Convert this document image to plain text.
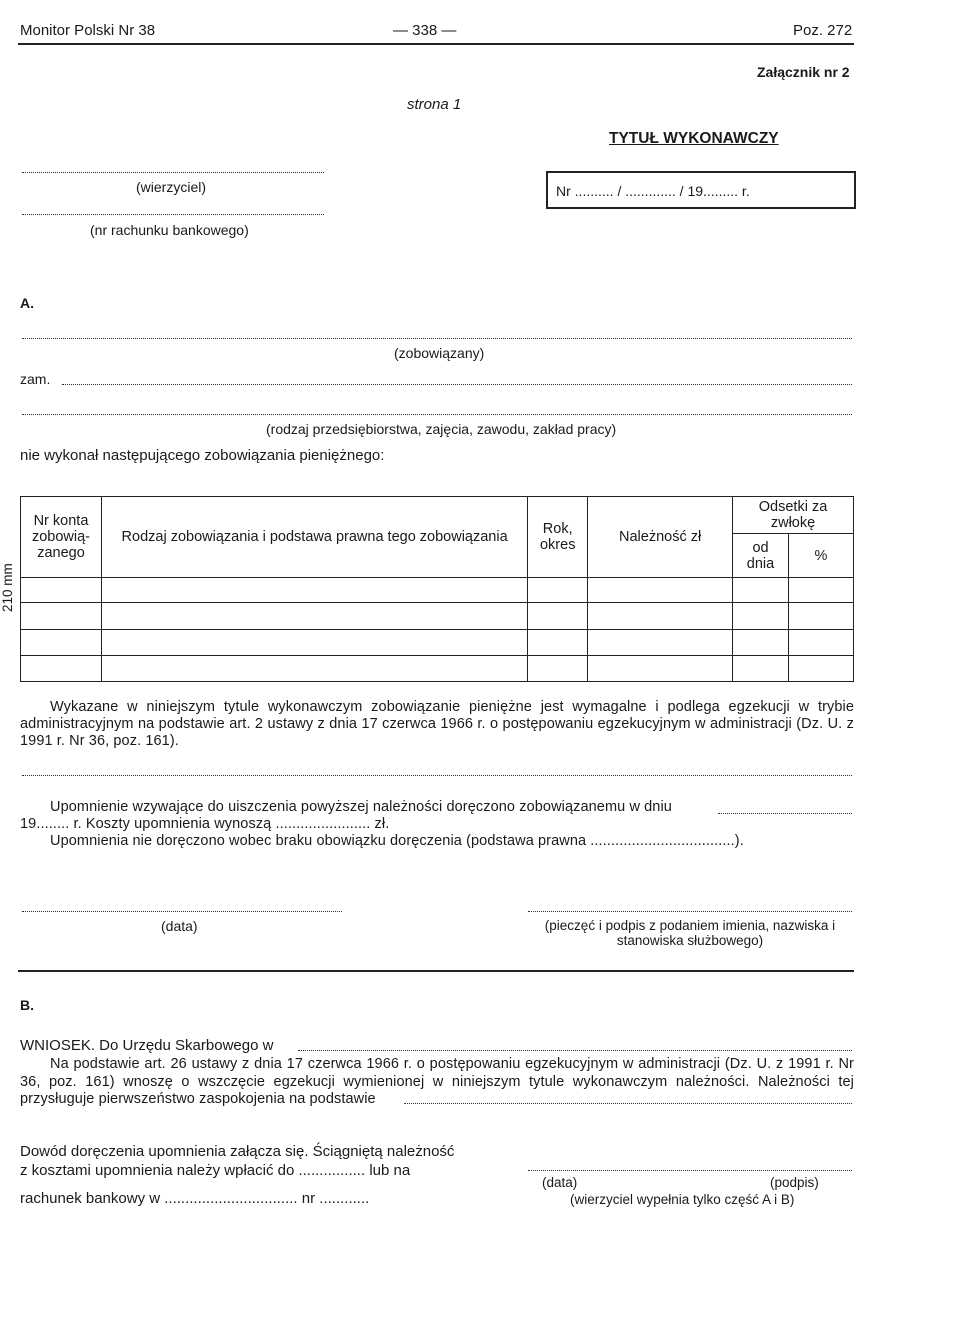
Monitor Polski Nr 38	— 338 —	Poz. 272
Załącznik nr 2
strona 1
TYTUŁ WYKONAWCZY
(wierzyciel)
(nr rachunku bankowego)
Nr .......... / ............. / 19......... r.
A.
(zobowiązany)
zam.
(rodzaj przedsiębiorstwa, zajęcia, zawodu, zakład pracy)
nie wykonał następującego zobowiązania pieniężnego:
210 mm
Nr konta zobowią-zanego	Rodzaj zobowiązania i podstawa prawna tego zobowiązania	Rok, okres	Należność zł	Odsetki za zwłokę	
				od dnia	%

Wykazane w niniejszym tytule wykonawczym zobowiązanie pieniężne jest wymagalne i podlega egzekucji w trybie administracyjnym na podstawie art. 2 ustawy z dnia 17 czerwca 1966 r. o postępowaniu egzekucyjnym w administracji (Dz. U. z 1991 r. Nr 36, poz. 161).
Upomnienie wzywające do uiszczenia powyższej należności doręczono zobowiązanemu w dniu
19........ r. Koszty upomnienia wynoszą ....................... zł.
Upomnienia nie doręczono wobec braku obowiązku doręczenia (podstawa prawna ...................................).
(data)	(pieczęć i podpis z podaniem imienia, nazwiska i stanowiska służbowego)
B.
WNIOSEK. Do Urzędu Skarbowego w
Na podstawie art. 26 ustawy z dnia 17 czerwca 1966 r. o postępowaniu egzekucyjnym w administracji (Dz. U. z 1991 r. Nr 36, poz. 161) wnoszę o wszczęcie egzekucji wymienionej w niniejszym tytule wykonawczym należności. Należności tej przysługuje pierwszeństwo zaspokojenia na podstawie
Dowód doręczenia upomnienia załącza się. Ściągniętą należność
z kosztami upomnienia należy wpłacić do ................ lub na
rachunek bankowy w ................................ nr ............
(data)	(podpis)
(wierzyciel wypełnia tylko część A i B)
